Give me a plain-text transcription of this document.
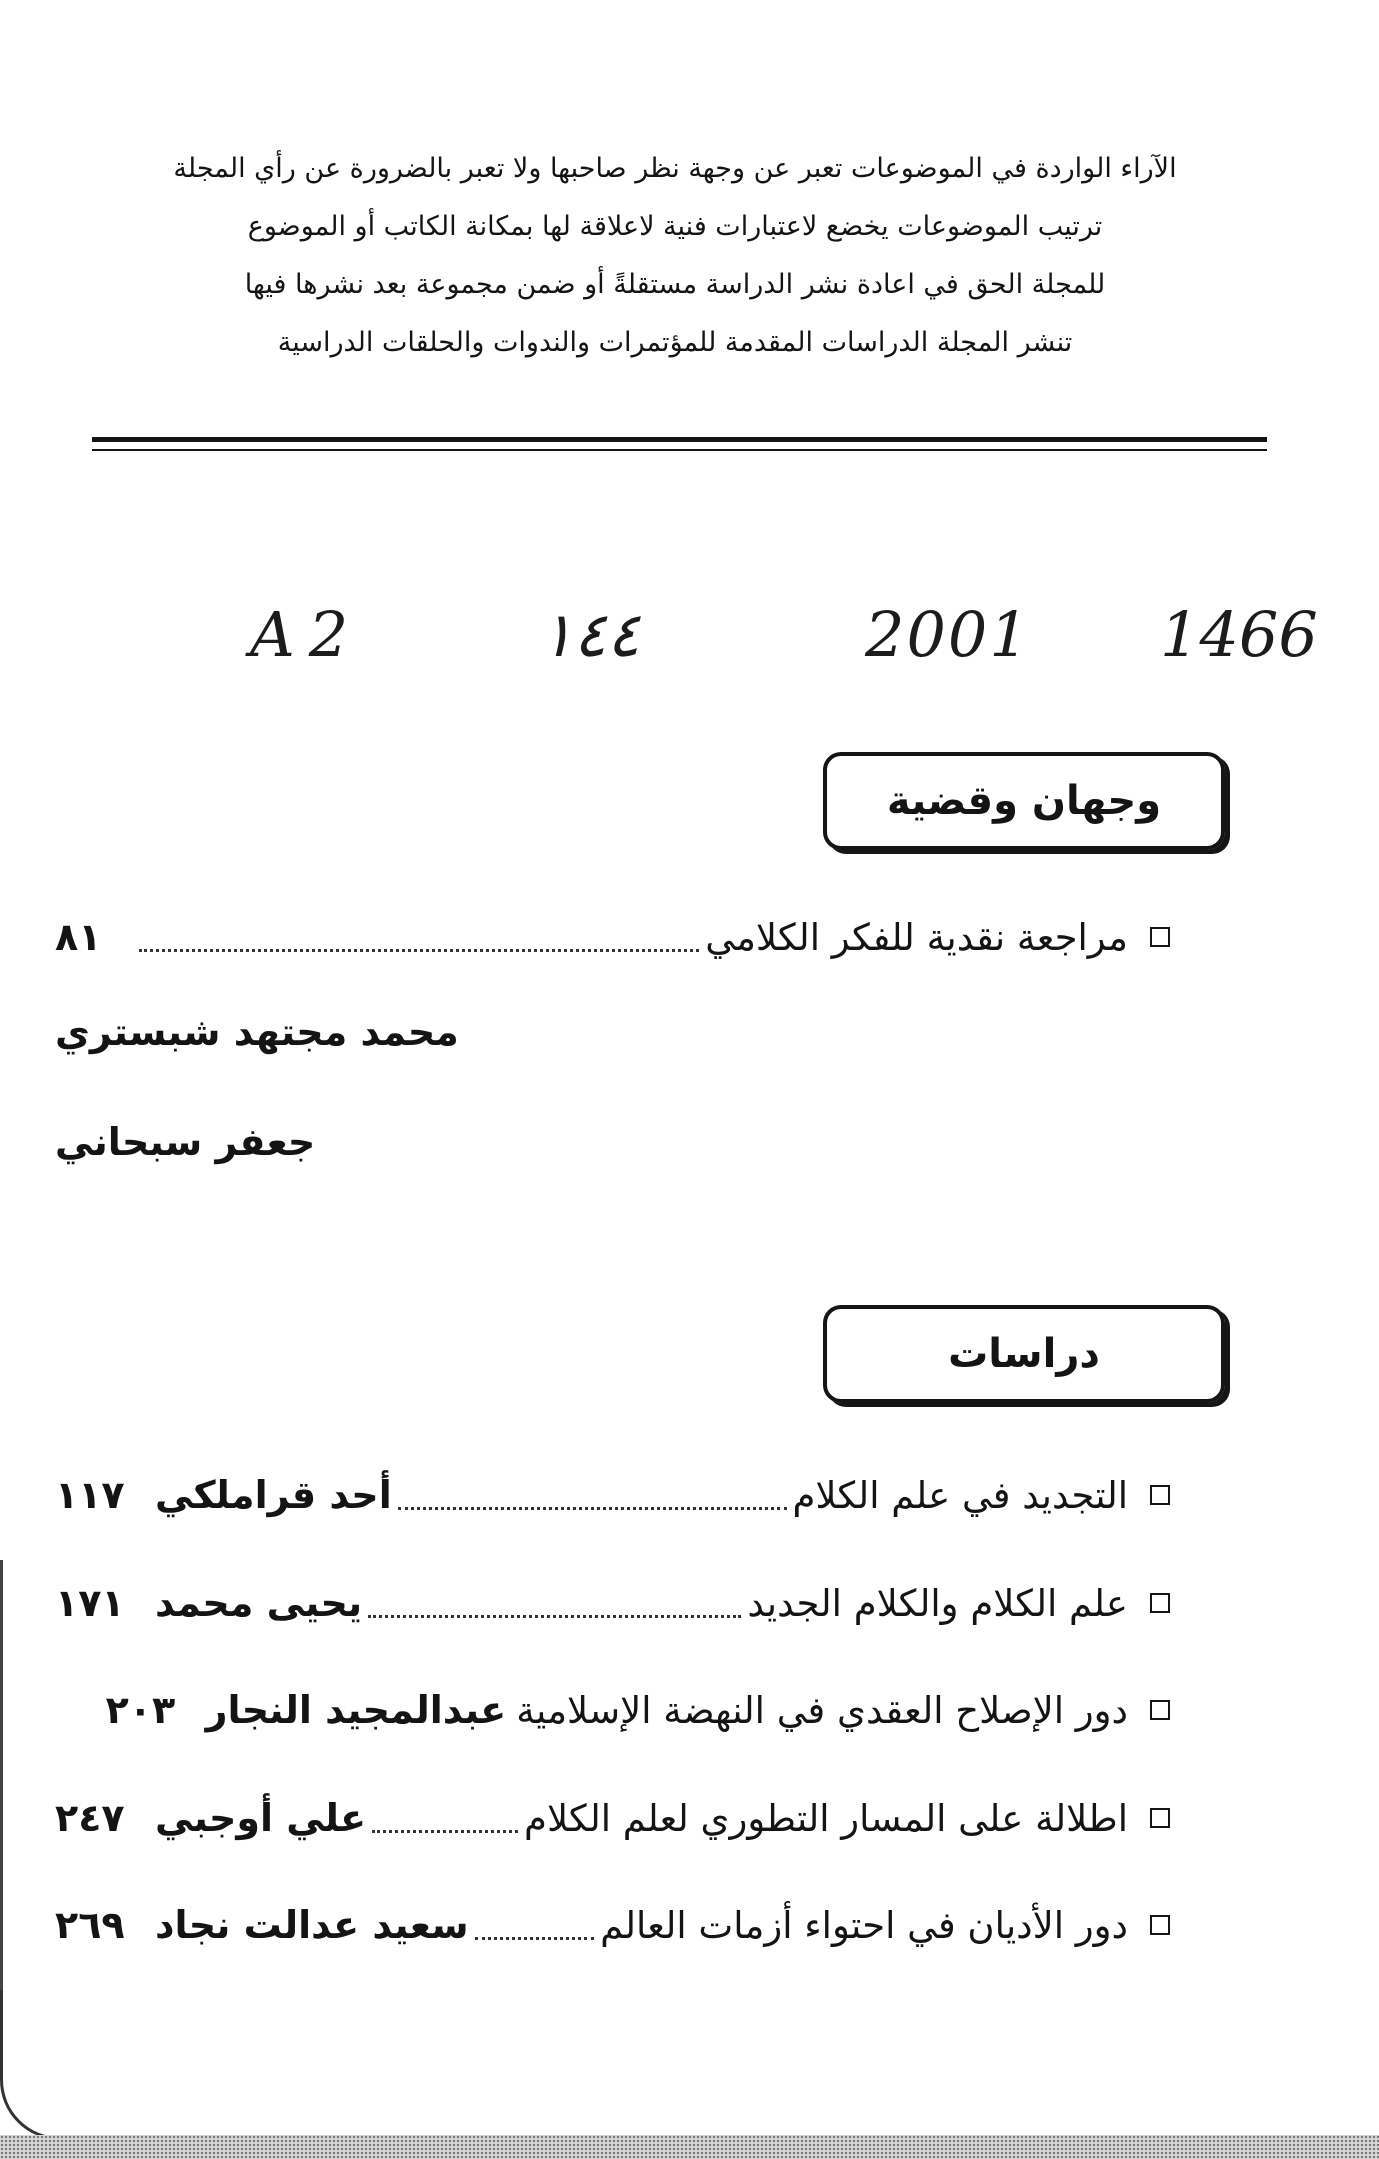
الآراء الواردة في الموضوعات تعبر عن وجهة نظر صاحبها ولا تعبر بالضرورة عن رأي المجلة
ترتيب الموضوعات يخضع لاعتبارات فنية لاعلاقة لها بمكانة الكاتب أو الموضوع
للمجلة الحق في اعادة نشر الدراسة مستقلةً أو ضمن مجموعة بعد نشرها فيها
تنشر المجلة الدراسات المقدمة للمؤتمرات والندوات والحلقات الدراسية
A2	١٤٤	2001 1466
وجهان وقضية
مراجعة نقدية للفكر الكلامي
٨١
محمد مجتهد شبستري
جعفر سبحاني
دراسات
التجديد في علم الكلام
أحد قراملكي
١١٧
علم الكلام والكلام الجديد
يحيى محمد
١٧١
دور الإصلاح العقدي في النهضة الإسلامية
عبدالمجيد النجار
٢٠٣
اطلالة على المسار التطوري لعلم الكلام
علي أوجبي
٢٤٧
دور الأديان في احتواء أزمات العالم
سعيد عدالت نجاد
٢٦٩
